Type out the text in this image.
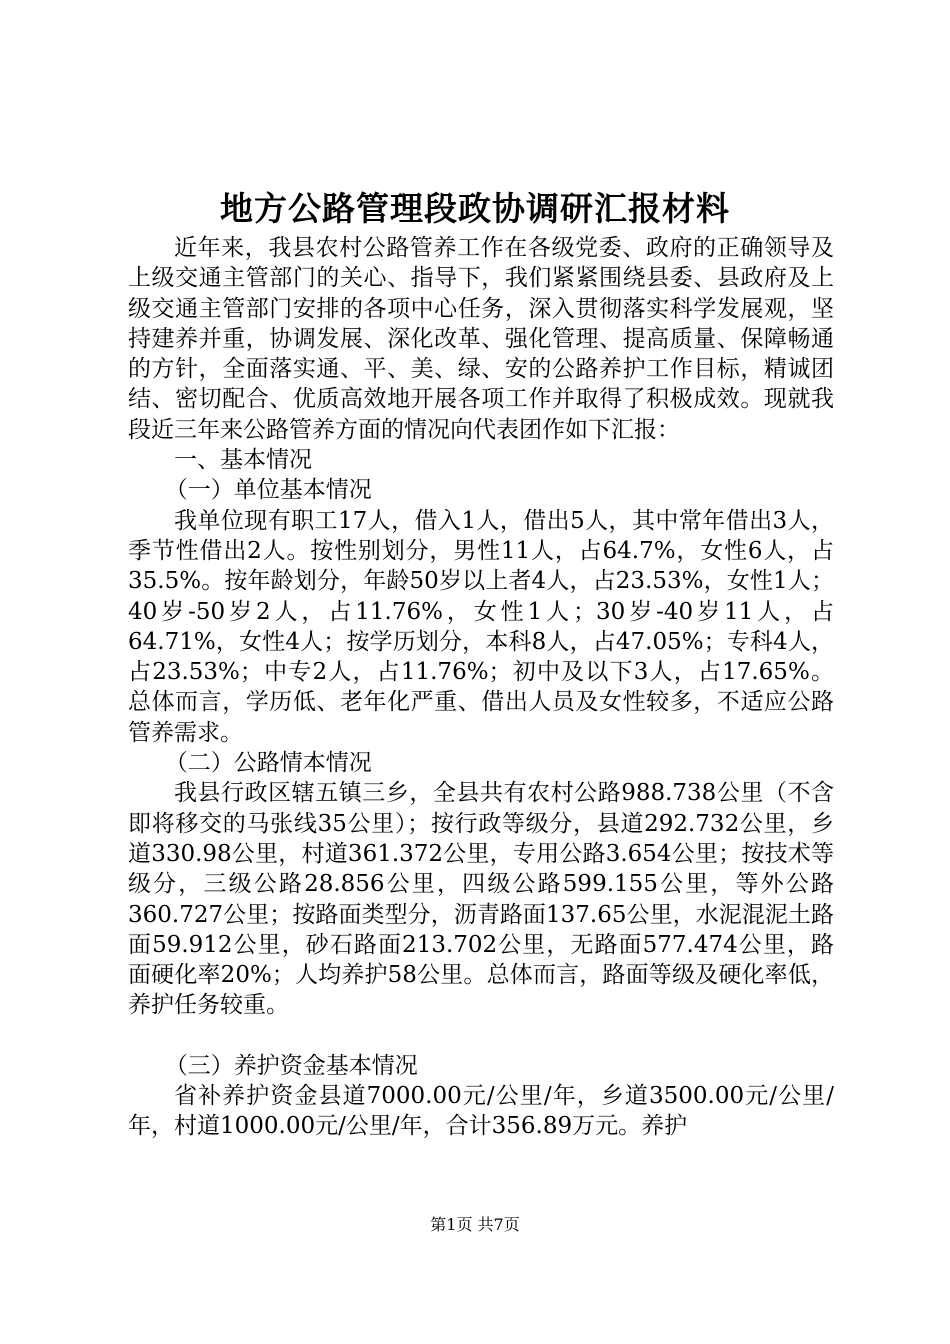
地方公路管理段政协调研汇报材料

近年来，我县农村公路管养工作在各级党委、政府的正确领导及上级交通主管部门的关心、指导下，我们紧紧围绕县委、县政府及上级交通主管部门安排的各项中心任务，深入贯彻落实科学发展观，坚持建养并重，协调发展、深化改革、强化管理、提高质量、保障畅通的方针，全面落实通、平、美、绿、安的公路养护工作目标，精诚团结、密切配合、优质高效地开展各项工作并取得了积极成效。现就我段近三年来公路管养方面的情况向代表团作如下汇报：

一、基本情况

（一）单位基本情况

我单位现有职工17人，借入1人，借出5人，其中常年借出3人，季节性借出2人。按性别划分，男性11人，占64.7%，女性6人，占35.5%。按年龄划分，年龄50岁以上者4人，占23.53%，女性1人；40岁-50岁2人，占11.76%，女性1人；30岁-40岁11人，占64.71%，女性4人；按学历划分，本科8人，占47.05%；专科4人，占23.53%；中专2人，占11.76%；初中及以下3人，占17.65%。总体而言，学历低、老年化严重、借出人员及女性较多，不适应公路管养需求。

（二）公路情本情况

我县行政区辖五镇三乡，全县共有农村公路988.738公里（不含即将移交的马张线35公里）；按行政等级分，县道292.732公里，乡道330.98公里，村道361.372公里，专用公路3.654公里；按技术等级分，三级公路28.856公里，四级公路599.155公里，等外公路360.727公里；按路面类型分，沥青路面137.65公里，水泥混泥土路面59.912公里，砂石路面213.702公里，无路面577.474公里，路面硬化率20%；人均养护58公里。总体而言，路面等级及硬化率低，养护任务较重。

（三）养护资金基本情况

省补养护资金县道7000.00元/公里/年，乡道3500.00元/公里/年，村道1000.00元/公里/年，合计356.89万元。养护

第1页 共7页
